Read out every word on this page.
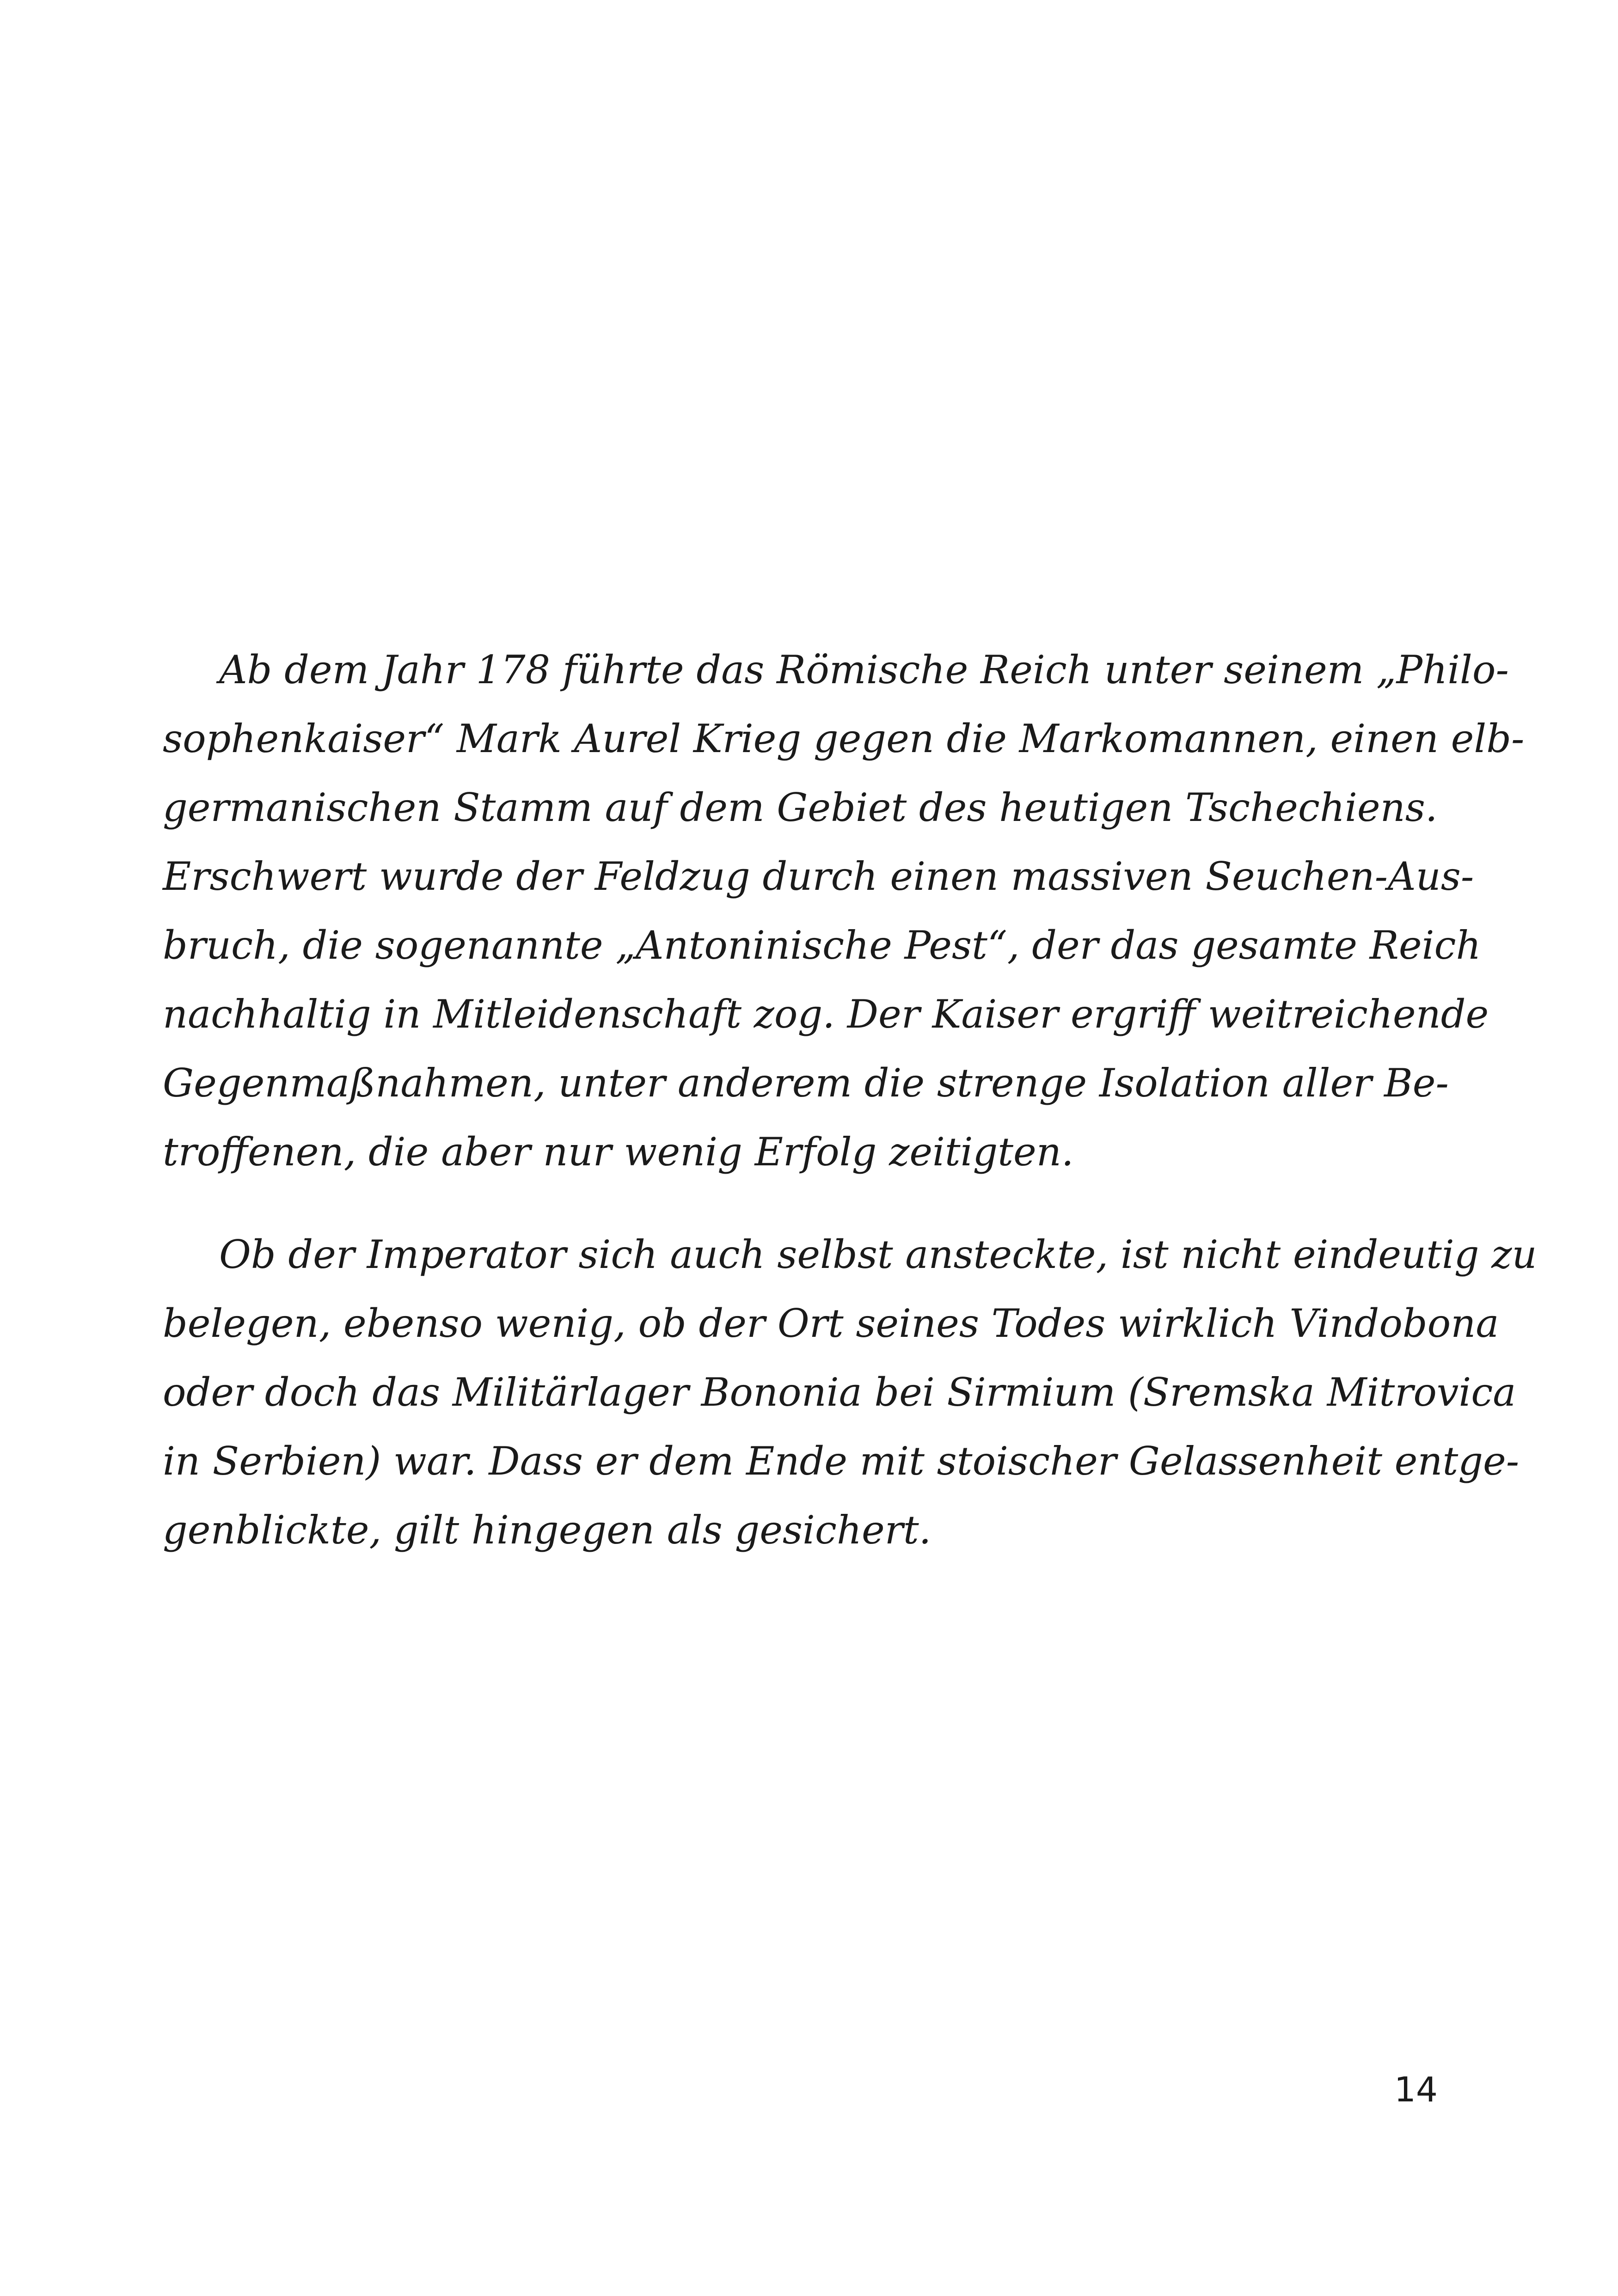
Ab dem Jahr 178 führte das Römische Reich unter seinem „Philo-
sophenkaiser“ Mark Aurel Krieg gegen die Markomannen, einen elb-
germanischen Stamm auf dem Gebiet des heutigen Tschechiens.
Erschwert wurde der Feldzug durch einen massiven Seuchen-Aus-
bruch, die sogenannte „Antoninische Pest“, der das gesamte Reich
nachhaltig in Mitleidenschaft zog. Der Kaiser ergriff weitreichende
Gegenmaßnahmen, unter anderem die strenge Isolation aller Be-
troffenen, die aber nur wenig Erfolg zeitigten.

Ob der Imperator sich auch selbst ansteckte, ist nicht eindeutig zu
belegen, ebenso wenig, ob der Ort seines Todes wirklich Vindobona
oder doch das Militärlager Bononia bei Sirmium (Sremska Mitrovica
in Serbien) war. Dass er dem Ende mit stoischer Gelassenheit entge-
genblickte, gilt hingegen als gesichert.

14
